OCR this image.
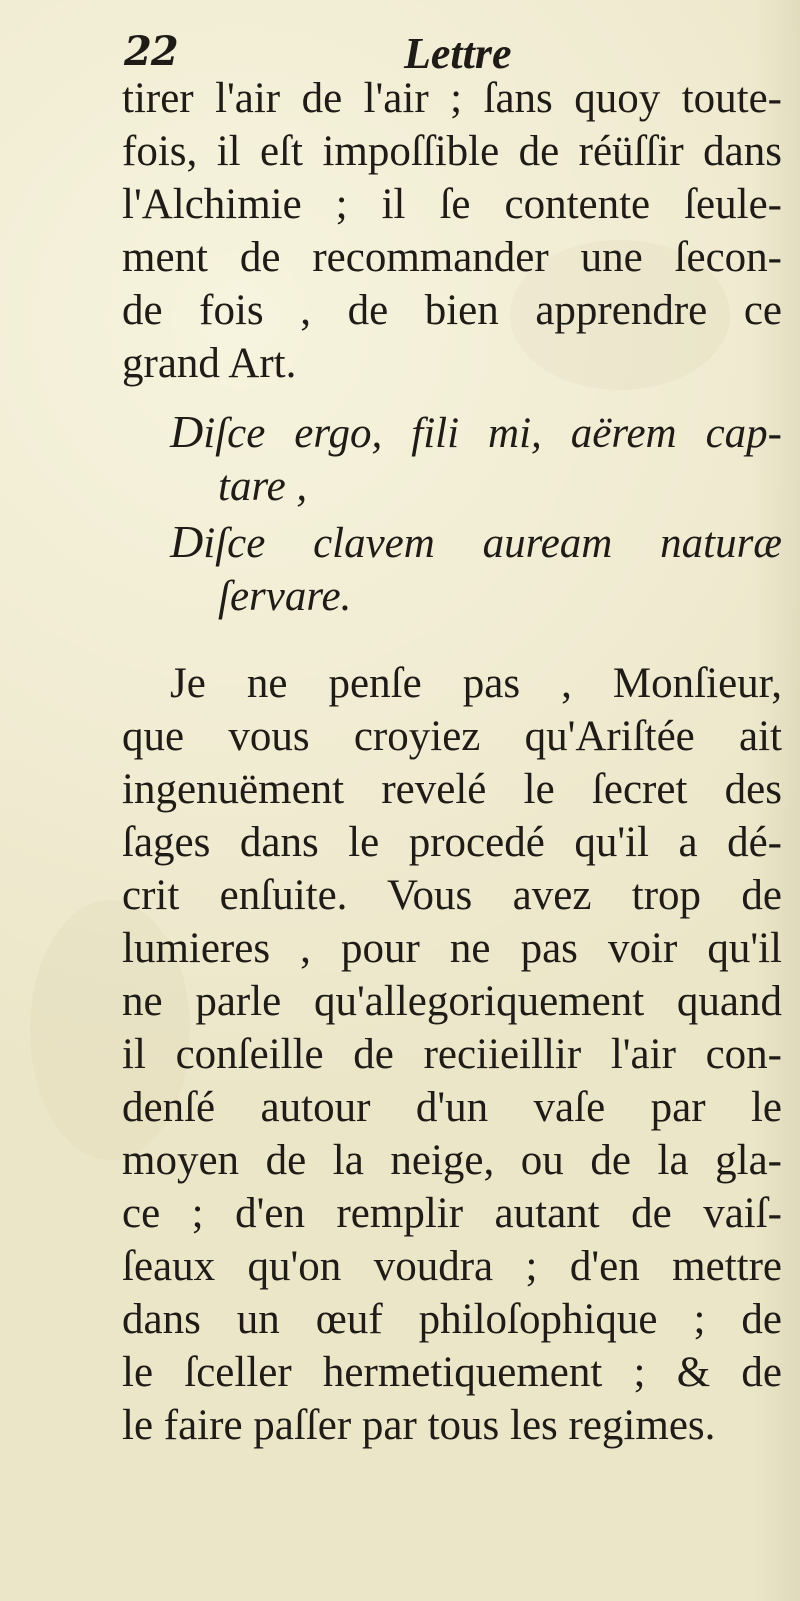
22	Lettre
tirer l'air de l'air ; ſans quoy toute-
fois, il eſt impoſſible de réüſſir dans
l'Alchimie ; il ſe contente ſeule-
ment de recommander une ſecon-
de fois , de bien apprendre ce
grand Art.
Diſce ergo, fili mi, aërem cap-
tare ,
Diſce clavem auream naturæ
ſervare.
Je ne penſe pas , Monſieur,
que vous croyiez qu'Ariſtée ait
ingenuëment revelé le ſecret des
ſages dans le procedé qu'il a dé-
crit enſuite. Vous avez trop de
lumieres , pour ne pas voir qu'il
ne parle qu'allegoriquement quand
il conſeille de reciieillir l'air con-
denſé autour d'un vaſe par le
moyen de la neige, ou de la gla-
ce ; d'en remplir autant de vaiſ-
ſeaux qu'on voudra ; d'en mettre
dans un œuf philoſophique ; de
le ſceller hermetiquement ; & de
le faire paſſer par tous les regimes.
